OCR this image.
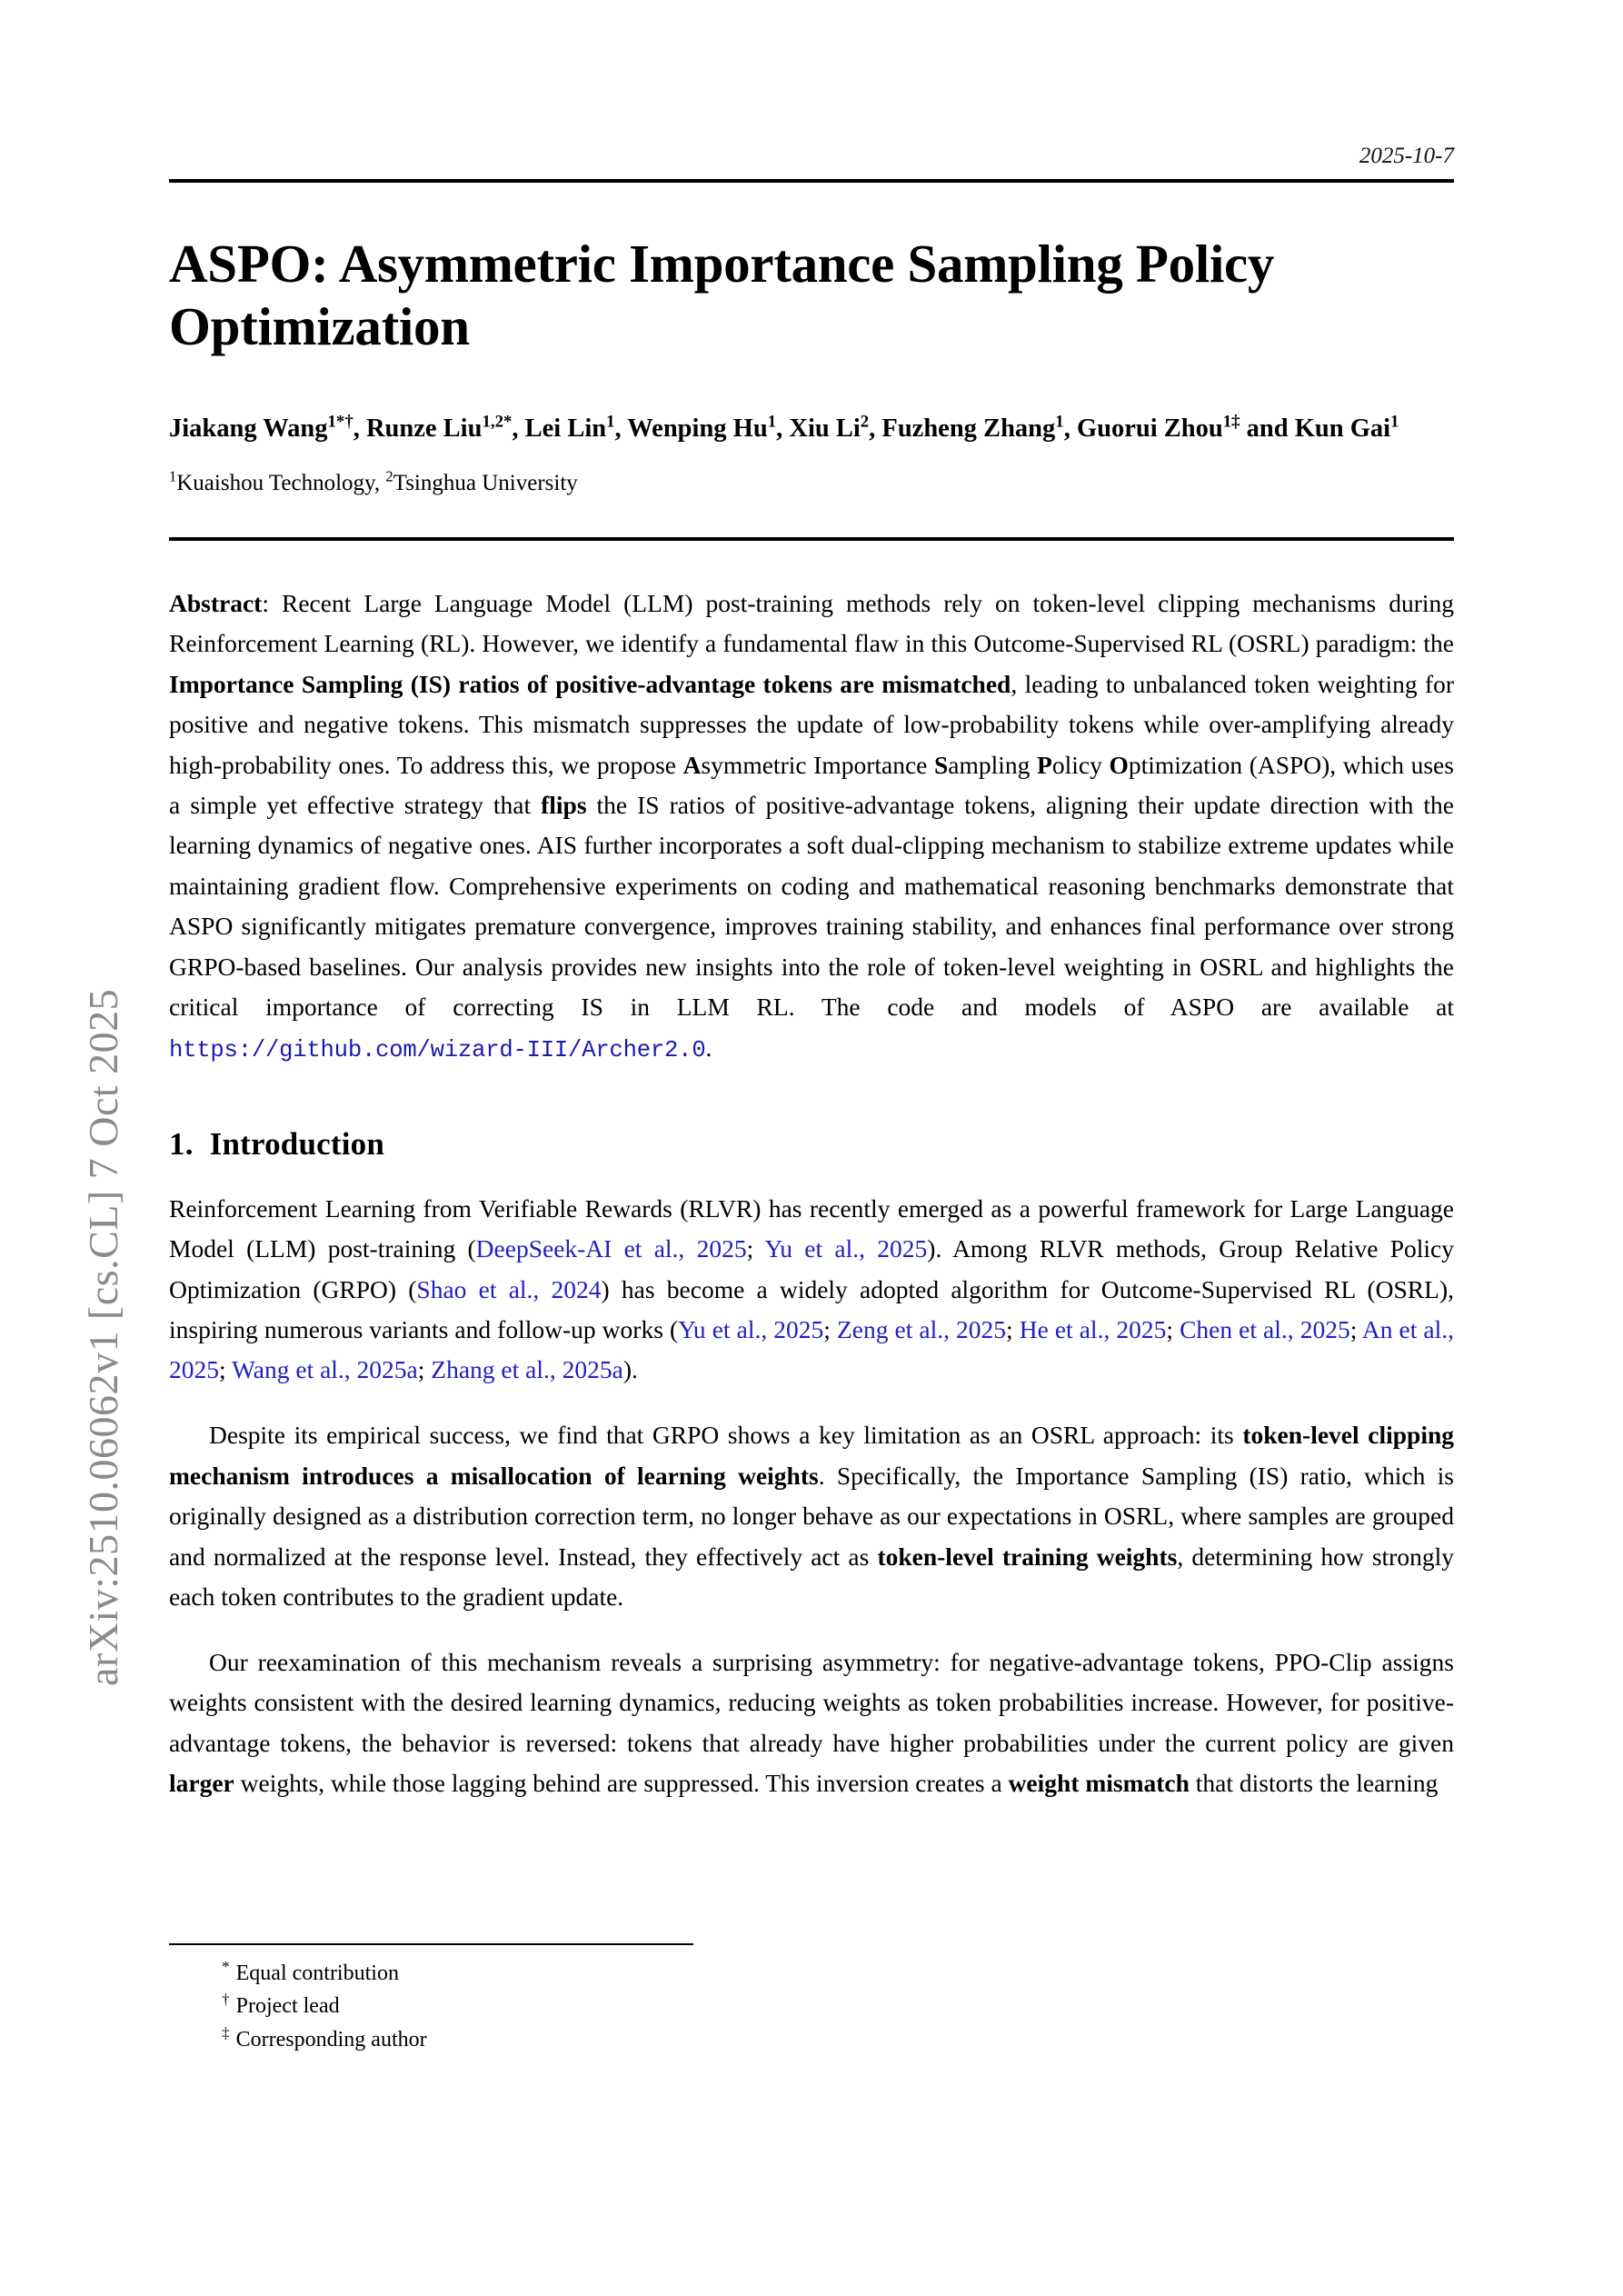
arXiv:2510.06062v1 [cs.CL] 7 Oct 2025
2025-10-7
ASPO: Asymmetric Importance Sampling Policy Optimization
Jiakang Wang$^{1*\dagger}$, Runze Liu$^{1,2*}$, Lei Lin$^1$, Wenping Hu$^1$, Xiu Li$^2$, Fuzheng Zhang$^1$, Guorui Zhou$^{1\ddagger}$ and Kun Gai$^1$
$^1$Kuaishou Technology, $^2$Tsinghua University
Abstract: Recent Large Language Model (LLM) post-training methods rely on token-level clipping mechanisms during Reinforcement Learning (RL). However, we identify a fundamental flaw in this Outcome-Supervised RL (OSRL) paradigm: the Importance Sampling (IS) ratios of positive-advantage tokens are mismatched, leading to unbalanced token weighting for positive and negative tokens. This mismatch suppresses the update of low-probability tokens while over-amplifying already high-probability ones. To address this, we propose Asymmetric Importance Sampling Policy Optimization (ASPO), which uses a simple yet effective strategy that flips the IS ratios of positive-advantage tokens, aligning their update direction with the learning dynamics of negative ones. AIS further incorporates a soft dual-clipping mechanism to stabilize extreme updates while maintaining gradient flow. Comprehensive experiments on coding and mathematical reasoning benchmarks demonstrate that ASPO significantly mitigates premature convergence, improves training stability, and enhances final performance over strong GRPO-based baselines. Our analysis provides new insights into the role of token-level weighting in OSRL and highlights the critical importance of correcting IS in LLM RL. The code and models of ASPO are available at https://github.com/wizard-III/Archer2.0.
1. Introduction

Reinforcement Learning from Verifiable Rewards (RLVR) has recently emerged as a powerful framework for Large Language Model (LLM) post-training (DeepSeek-AI et al., 2025; Yu et al., 2025). Among RLVR methods, Group Relative Policy Optimization (GRPO) (Shao et al., 2024) has become a widely adopted algorithm for Outcome-Supervised RL (OSRL), inspiring numerous variants and follow-up works (Yu et al., 2025; Zeng et al., 2025; He et al., 2025; Chen et al., 2025; An et al., 2025; Wang et al., 2025a; Zhang et al., 2025a).

Despite its empirical success, we find that GRPO shows a key limitation as an OSRL approach: its token-level clipping mechanism introduces a misallocation of learning weights. Specifically, the Importance Sampling (IS) ratio, which is originally designed as a distribution correction term, no longer behave as our expectations in OSRL, where samples are grouped and normalized at the response level. Instead, they effectively act as token-level training weights, determining how strongly each token contributes to the gradient update.

Our reexamination of this mechanism reveals a surprising asymmetry: for negative-advantage tokens, PPO-Clip assigns weights consistent with the desired learning dynamics, reducing weights as token probabilities increase. However, for positive-advantage tokens, the behavior is reversed: tokens that already have higher probabilities under the current policy are given larger weights, while those lagging behind are suppressed. This inversion creates a weight mismatch that distorts the learning

* Equal contribution
† Project lead
‡ Corresponding author
